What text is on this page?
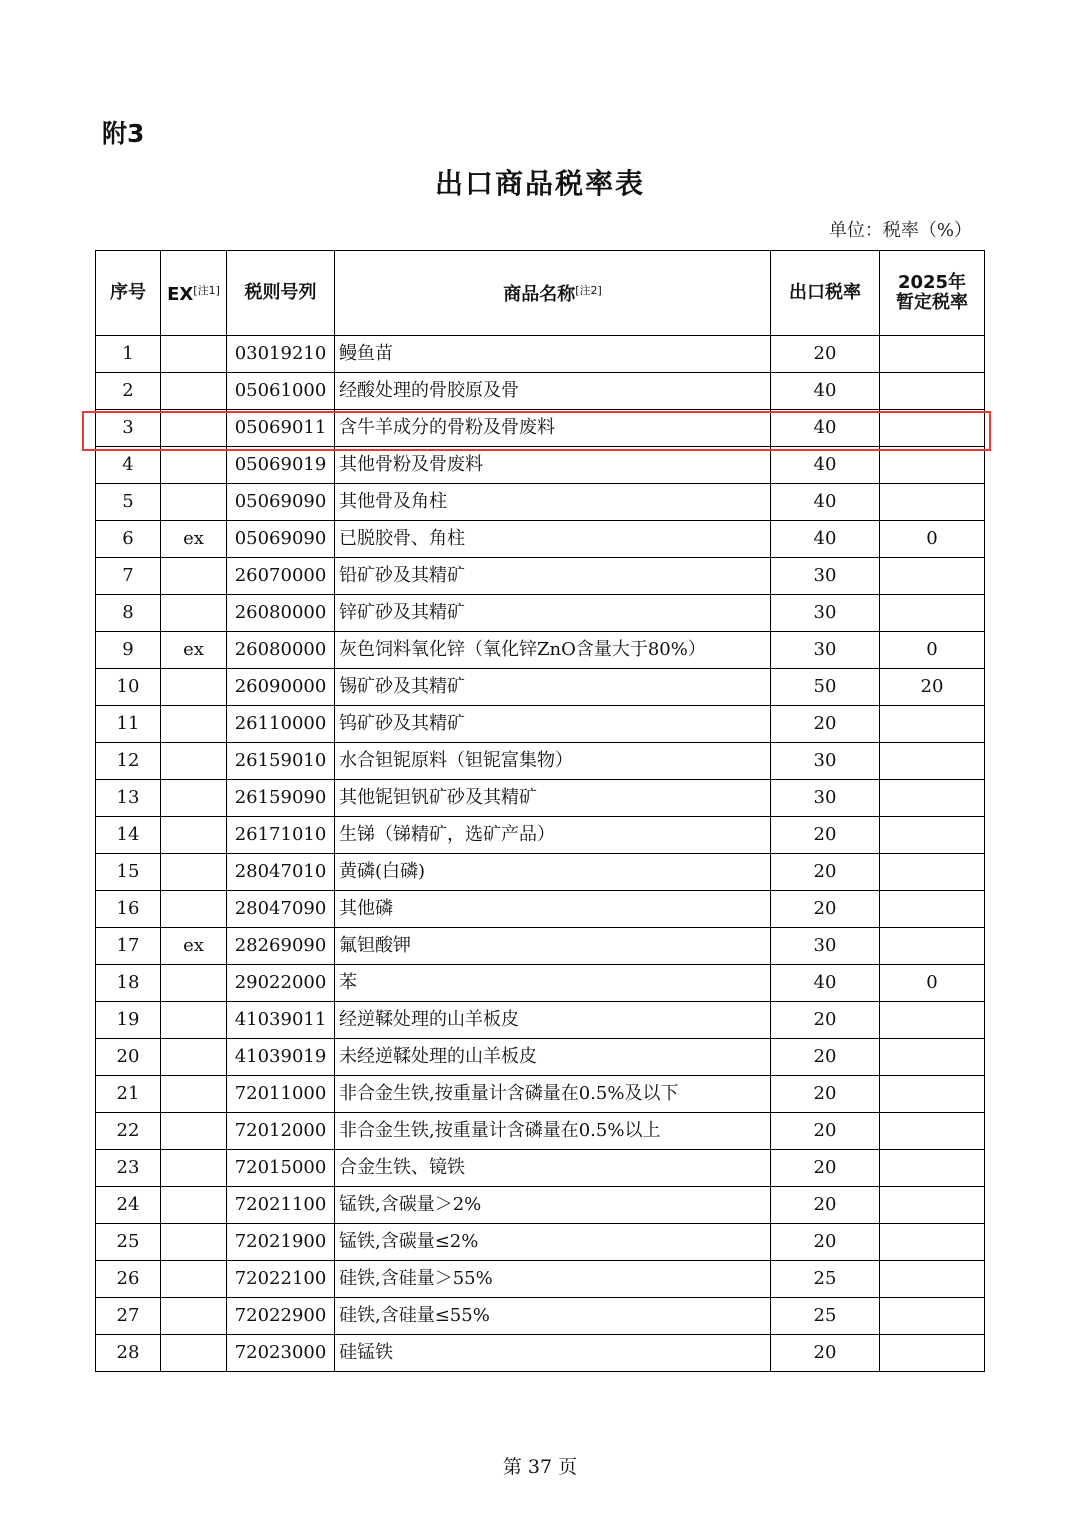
附3
出口商品税率表
单位：税率（%）
序号	EX[注1]	税则号列	商品名称[注2]	出口税率	2025年
暂定税率
1		03019210	鳗鱼苗	20	
2		05061000	经酸处理的骨胶原及骨	40	
3		05069011	含牛羊成分的骨粉及骨废料	40	
4		05069019	其他骨粉及骨废料	40	
5		05069090	其他骨及角柱	40	
6	ex	05069090	已脱胶骨、角柱	40	0
7		26070000	铅矿砂及其精矿	30	
8		26080000	锌矿砂及其精矿	30	
9	ex	26080000	灰色饲料氧化锌（氧化锌ZnO含量大于80%）	30	0
10		26090000	锡矿砂及其精矿	50	20
11		26110000	钨矿砂及其精矿	20	
12		26159010	水合钽铌原料（钽铌富集物）	30	
13		26159090	其他铌钽钒矿砂及其精矿	30	
14		26171010	生锑（锑精矿，选矿产品）	20	
15		28047010	黄磷(白磷)	20	
16		28047090	其他磷	20	
17	ex	28269090	氟钽酸钾	30	
18		29022000	苯	40	0
19		41039011	经逆鞣处理的山羊板皮	20	
20		41039019	未经逆鞣处理的山羊板皮	20	
21		72011000	非合金生铁,按重量计含磷量在0.5%及以下	20	
22		72012000	非合金生铁,按重量计含磷量在0.5%以上	20	
23		72015000	合金生铁、镜铁	20	
24		72021100	锰铁,含碳量＞2%	20	
25		72021900	锰铁,含碳量≤2%	20	
26		72022100	硅铁,含硅量＞55%	25	
27		72022900	硅铁,含硅量≤55%	25	
28		72023000	硅锰铁	20	
第 37 页
